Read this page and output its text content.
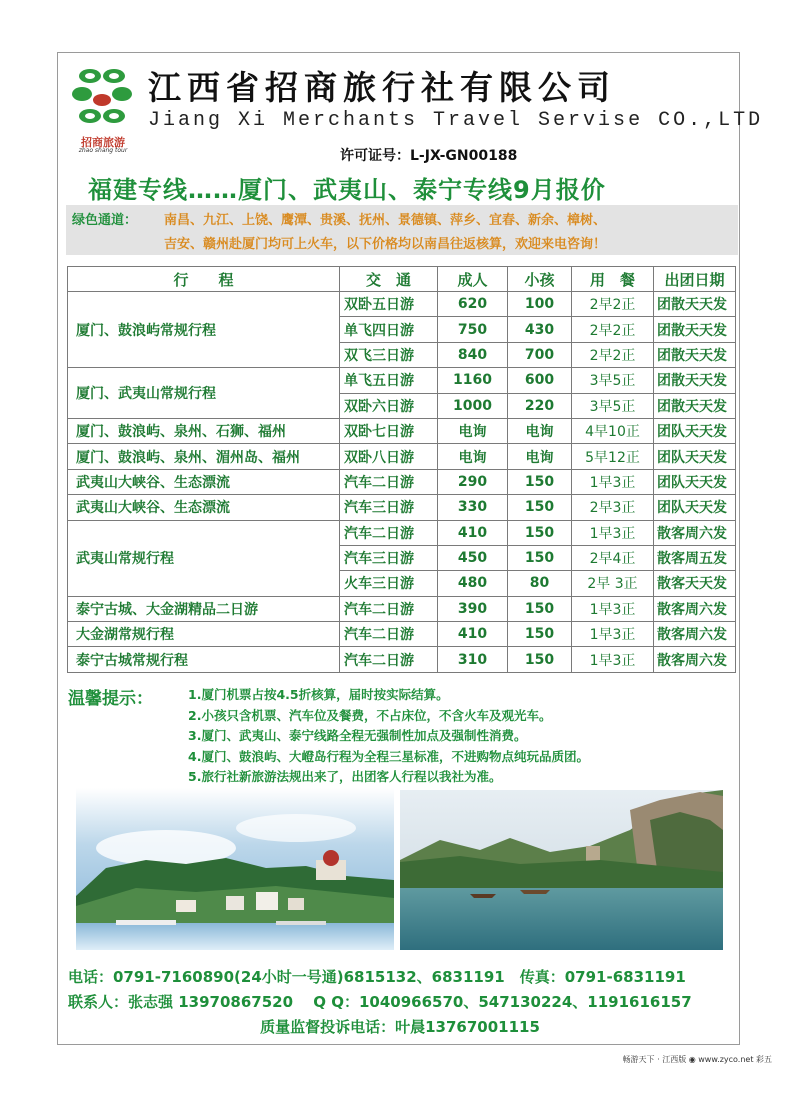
招商旅游
zhao shang tour
江西省招商旅行社有限公司
Jiang Xi Merchants Travel Servise CO.,LTD
许可证号：L-JX-GN00188
福建专线……厦门、武夷山、泰宁专线9月报价
绿色通道： 南昌、九江、上饶、鹰潭、贵溪、抚州、景德镇、萍乡、宜春、新余、樟树、
吉安、赣州赴厦门均可上火车，以下价格均以南昌往返核算，欢迎来电咨询！
行　　程	交　通	成人	小孩	用　餐	出团日期
厦门、鼓浪屿常规行程	双卧五日游	620	100	2早2正	团散天天发
	单飞四日游	750	430	2早2正	团散天天发
	双飞三日游	840	700	2早2正	团散天天发
厦门、武夷山常规行程	单飞五日游	1160	600	3早5正	团散天天发
	双卧六日游	1000	220	3早5正	团散天天发
厦门、鼓浪屿、泉州、石狮、福州	双卧七日游	电询	电询	4早10正	团队天天发
厦门、鼓浪屿、泉州、湄州岛、福州	双卧八日游	电询	电询	5早12正	团队天天发
武夷山大峡谷、生态漂流	汽车二日游	290	150	1早3正	团队天天发
武夷山大峡谷、生态漂流	汽车三日游	330	150	2早3正	团队天天发
武夷山常规行程	汽车二日游	410	150	1早3正	散客周六发
	汽车三日游	450	150	2早4正	散客周五发
	火车三日游	480	80	2早 3正	散客天天发
泰宁古城、大金湖精品二日游	汽车二日游	390	150	1早3正	散客周六发
大金湖常规行程	汽车二日游	410	150	1早3正	散客周六发
泰宁古城常规行程	汽车二日游	310	150	1早3正	散客周六发
温馨提示：	1.厦门机票占按4.5折核算，届时按实际结算。
2.小孩只含机票、汽车位及餐费，不占床位，不含火车及观光车。
3.厦门、武夷山、泰宁线路全程无强制性加点及强制性消费。
4.厦门、鼓浪屿、大嶝岛行程为全程三星标准，不进购物点纯玩品质团。
5.旅行社新旅游法规出来了，出团客人行程以我社为准。
电话：0791-7160890(24小时一号通)6815132、6831191　传真：0791-6831191
联系人：张志强 13970867520　 Q Q：1040966570、547130224、1191616157
质量监督投诉电话：叶晨13767001115
畅游天下 · 江西版 ◉ www.zyco.net 彩五
